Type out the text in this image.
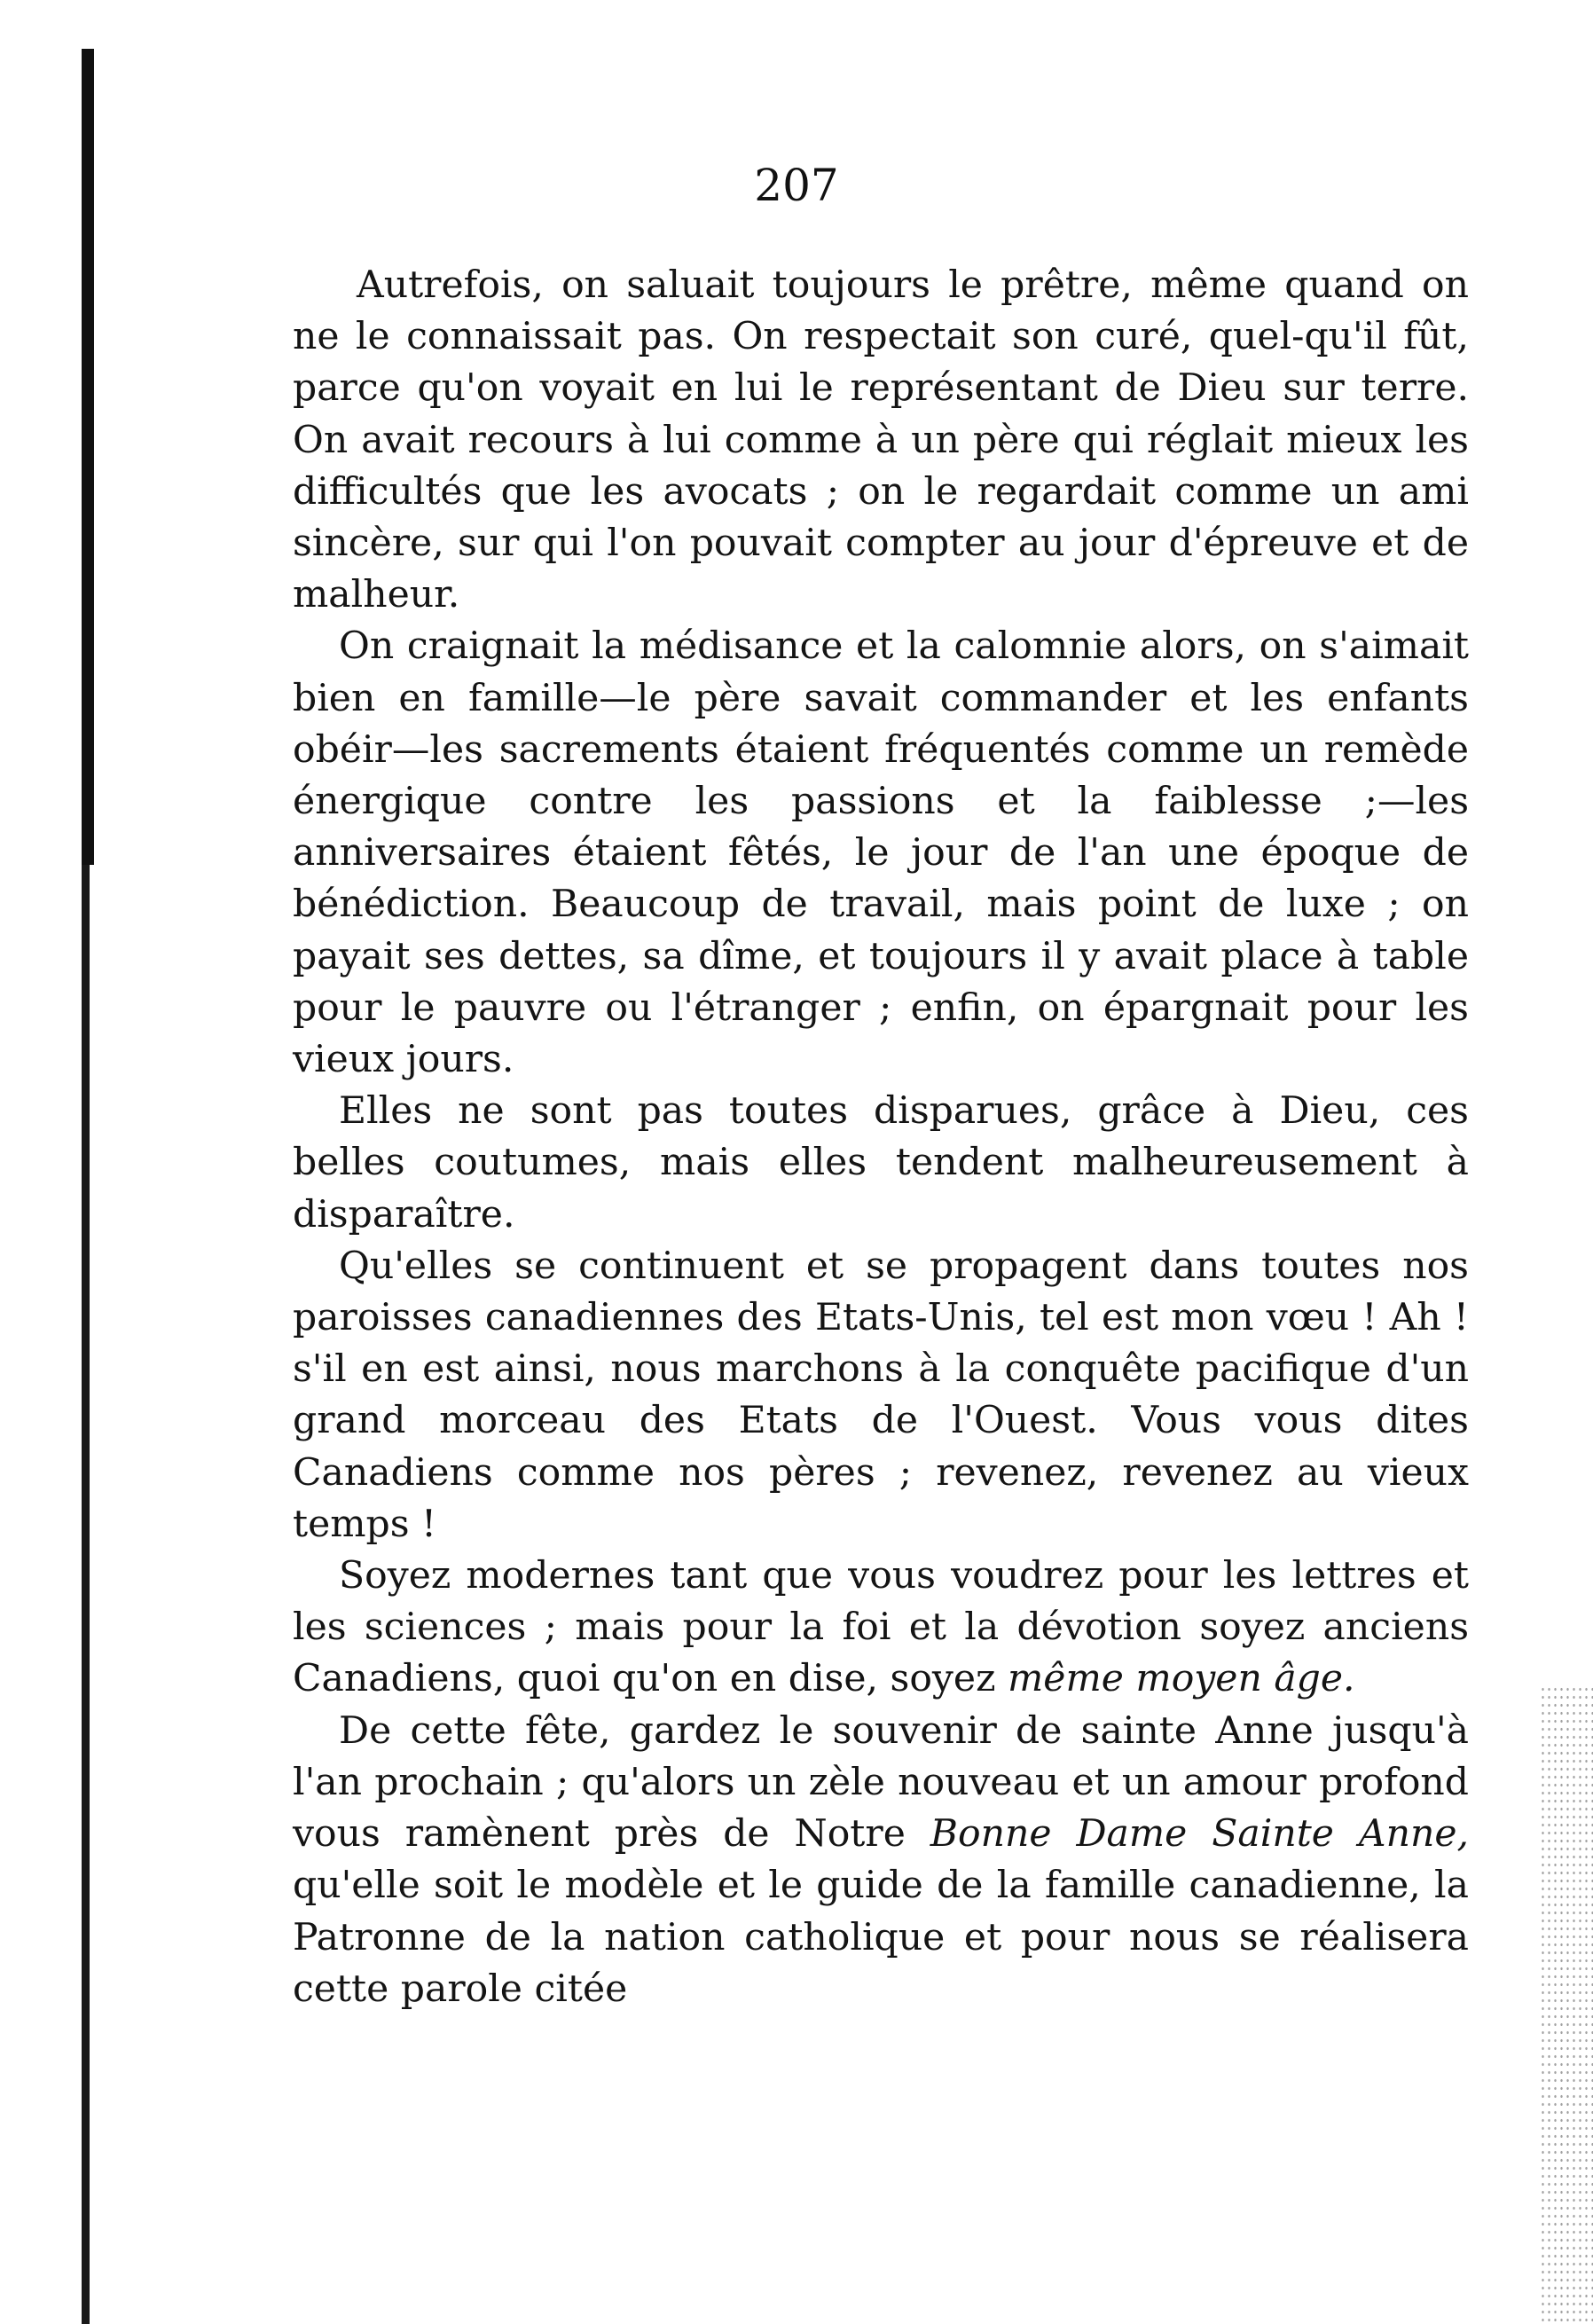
207

Autrefois, on saluait toujours le prêtre, même quand on ne le connaissait pas. On respectait son curé, quel-qu'il fût, parce qu'on voyait en lui le représentant de Dieu sur terre. On avait recours à lui comme à un père qui réglait mieux les difficultés que les avocats ; on le regardait comme un ami sincère, sur qui l'on pouvait compter au jour d'épreuve et de malheur.

On craignait la médisance et la calomnie alors, on s'aimait bien en famille—le père savait commander et les enfants obéir—les sacrements étaient fréquentés comme un remède énergique contre les passions et la faiblesse ;—les anniversaires étaient fêtés, le jour de l'an une époque de bénédiction. Beaucoup de travail, mais point de luxe ; on payait ses dettes, sa dîme, et toujours il y avait place à table pour le pauvre ou l'étranger ; enfin, on épargnait pour les vieux jours.

Elles ne sont pas toutes disparues, grâce à Dieu, ces belles coutumes, mais elles tendent malheureusement à disparaître.

Qu'elles se continuent et se propagent dans toutes nos paroisses canadiennes des Etats-Unis, tel est mon vœu ! Ah ! s'il en est ainsi, nous marchons à la conquête pacifique d'un grand morceau des Etats de l'Ouest. Vous vous dites Canadiens comme nos pères ; revenez, revenez au vieux temps !

Soyez modernes tant que vous voudrez pour les lettres et les sciences ; mais pour la foi et la dévotion soyez anciens Canadiens, quoi qu'on en dise, soyez même moyen âge.

De cette fête, gardez le souvenir de sainte Anne jusqu'à l'an prochain ; qu'alors un zèle nouveau et un amour profond vous ramènent près de Notre Bonne Dame Sainte Anne, qu'elle soit le modèle et le guide de la famille canadienne, la Patronne de la nation catholique et pour nous se réalisera cette parole citée
